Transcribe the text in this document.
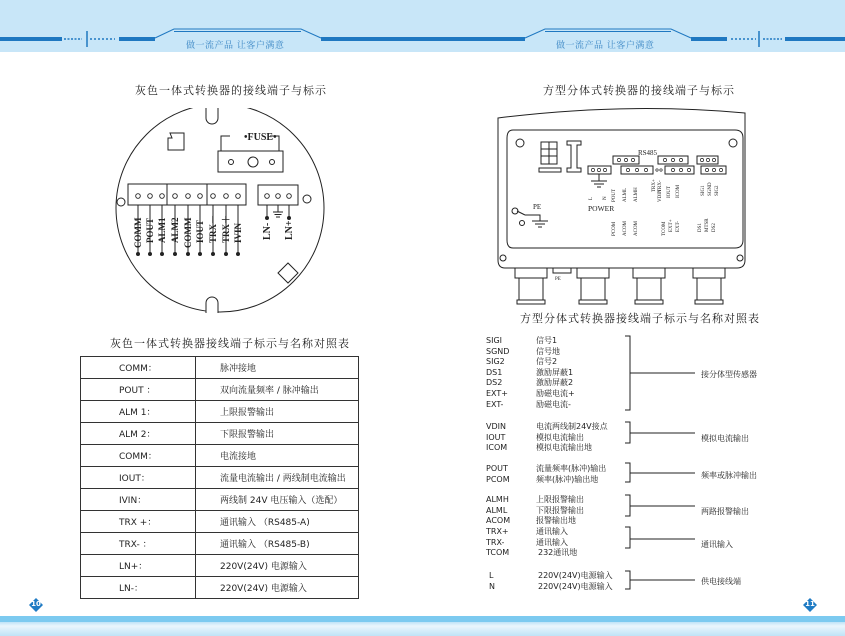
做一流产品 让客户满意	做一流产品 让客户满意
灰色一体式转换器的接线端子与标示
•FUSE•
COMM POUT ALM1 ALM2 COMM IOUT TRX－ TRX＋ IVIN LN- LN+
灰色一体式转换器接线端子标示与名称对照表
COMM：	脉冲接地
POUT ：	双向流量频率 / 脉冲输出
ALM 1：	上限报警输出
ALM 2：	下限报警输出
COMM：	电流接地
IOUT：	流量电流输出 / 两线制电流输出
IVIN：	两线制 24V 电压输入（选配）
TRX +：	通讯输入 （RS485-A)
TRX- ：	通讯输入 （RS485-B)
LN+：	220V(24V) 电源输入
LN-：	220V(24V) 电源输入
方型分体式转换器的接线端子与标示
RS485
POWER
PE
PE
L N POUT ALML ALMH	VDIN IOUT ICOM	SIG1 SGND SIG2
PCOM ACOM ACOM	TCOM EXT+ EXT-	DS1 MTSR DS2
TRX+ TRX-
方型分体式转换器接线端子标示与名称对照表
SIGI	信号1
SGND	信号地
SIG2	信号2
DS1	激励屏蔽1
DS2	激励屏蔽2
EXT+	励磁电流+
EXT-	励磁电流-
接分体型传感器
VDIN	电流两线制24V接点
IOUT	模拟电流输出
ICOM	模拟电流输出地
模拟电流输出
POUT	流量频率(脉冲)输出
PCOM	频率(脉冲)输出地	频率或脉冲输出
ALMH	上限报警输出
ALML	下限报警输出
ACOM	报警输出地
两路报警输出
TRX+	通讯输入
TRX-	通讯输入
TCOM	232通讯地
通讯输入
L	220V(24V)电源输入
N	220V(24V)电源输入
供电接线端
10	11
